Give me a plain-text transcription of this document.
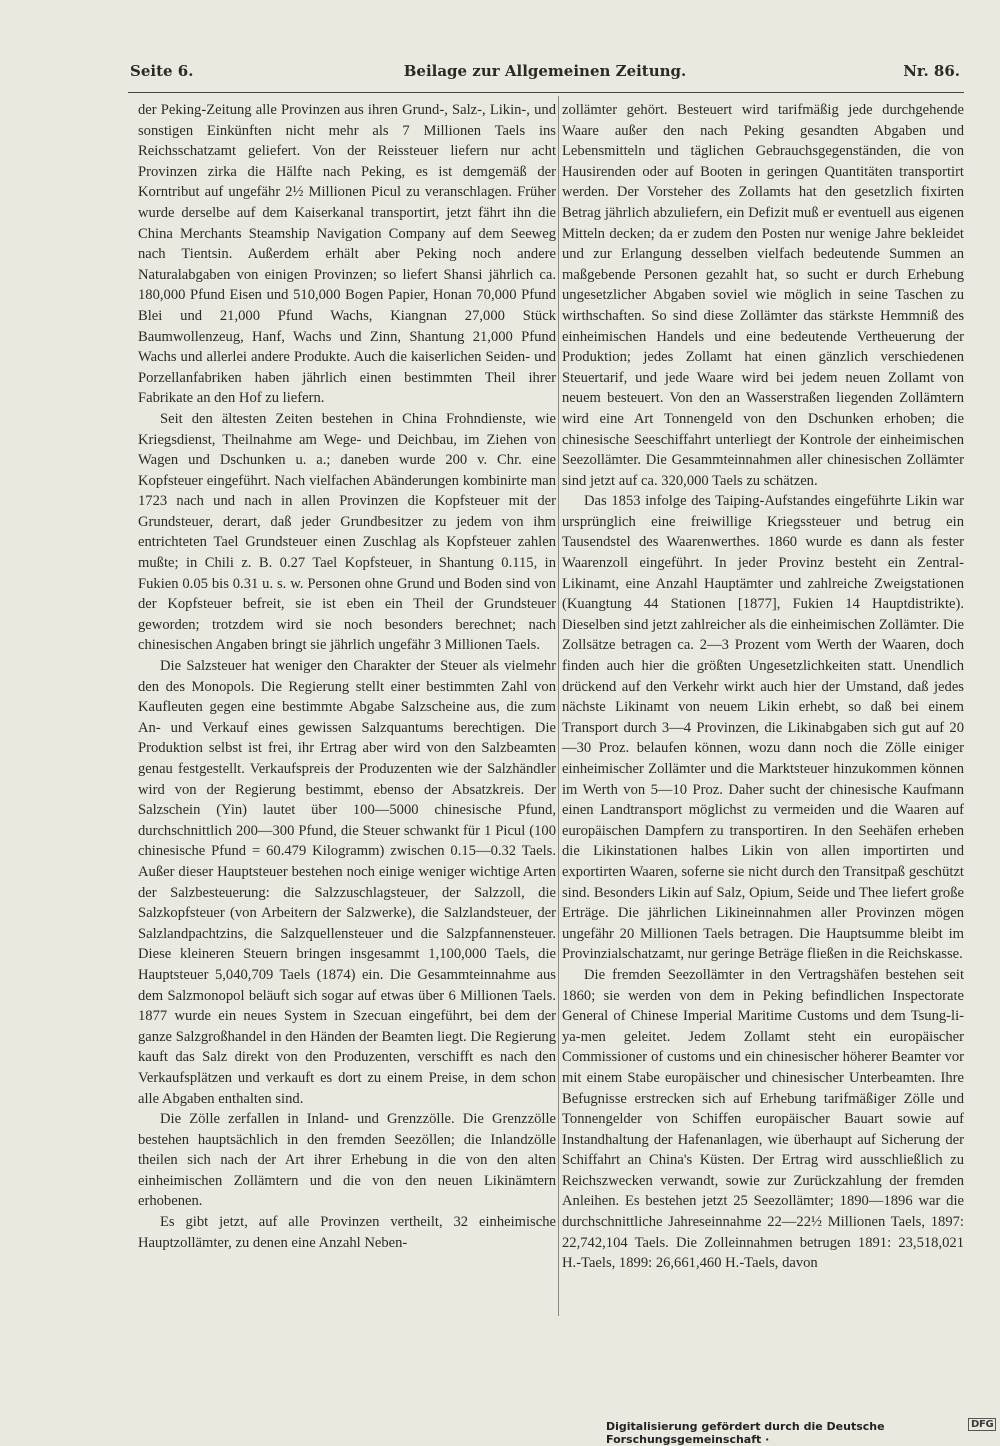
Seite 6.	Beilage zur Allgemeinen Zeitung.	Nr. 86.

der Peking-Zeitung alle Provinzen aus ihren Grund-, Salz-, Likin-, und sonstigen Einkünften nicht mehr als 7 Millionen Taels ins Reichsschatzamt geliefert. Von der Reissteuer liefern nur acht Provinzen zirka die Hälfte nach Peking, es ist demgemäß der Korntribut auf ungefähr 2½ Millionen Picul zu veranschlagen. Früher wurde derselbe auf dem Kaiserkanal transportirt, jetzt fährt ihn die China Merchants Steamship Navigation Company auf dem Seeweg nach Tientsin. Außerdem erhält aber Peking noch andere Naturalabgaben von einigen Provinzen; so liefert Shansi jährlich ca. 180,000 Pfund Eisen und 510,000 Bogen Papier, Honan 70,000 Pfund Blei und 21,000 Pfund Wachs, Kiangnan 27,000 Stück Baumwollenzeug, Hanf, Wachs und Zinn, Shantung 21,000 Pfund Wachs und allerlei andere Produkte. Auch die kaiserlichen Seiden- und Porzellanfabriken haben jährlich einen bestimmten Theil ihrer Fabrikate an den Hof zu liefern.

Seit den ältesten Zeiten bestehen in China Frohndienste, wie Kriegsdienst, Theilnahme am Wege- und Deichbau, im Ziehen von Wagen und Dschunken u. a.; daneben wurde 200 v. Chr. eine Kopfsteuer eingeführt. Nach vielfachen Abänderungen kombinirte man 1723 nach und nach in allen Provinzen die Kopfsteuer mit der Grundsteuer, derart, daß jeder Grundbesitzer zu jedem von ihm entrichteten Tael Grundsteuer einen Zuschlag als Kopfsteuer zahlen mußte; in Chili z. B. 0.27 Tael Kopfsteuer, in Shantung 0.115, in Fukien 0.05 bis 0.31 u. s. w. Personen ohne Grund und Boden sind von der Kopfsteuer befreit, sie ist eben ein Theil der Grundsteuer geworden; trotzdem wird sie noch besonders berechnet; nach chinesischen Angaben bringt sie jährlich ungefähr 3 Millionen Taels.

Die Salzsteuer hat weniger den Charakter der Steuer als vielmehr den des Monopols. Die Regierung stellt einer bestimmten Zahl von Kaufleuten gegen eine bestimmte Abgabe Salzscheine aus, die zum An- und Verkauf eines gewissen Salzquantums berechtigen. Die Produktion selbst ist frei, ihr Ertrag aber wird von den Salzbeamten genau festgestellt. Verkaufspreis der Produzenten wie der Salzhändler wird von der Regierung bestimmt, ebenso der Absatzkreis. Der Salzschein (Yin) lautet über 100—5000 chinesische Pfund, durchschnittlich 200—300 Pfund, die Steuer schwankt für 1 Picul (100 chinesische Pfund = 60.479 Kilogramm) zwischen 0.15—0.32 Taels. Außer dieser Hauptsteuer bestehen noch einige weniger wichtige Arten der Salzbesteuerung: die Salzzuschlagsteuer, der Salzzoll, die Salzkopfsteuer (von Arbeitern der Salzwerke), die Salzlandsteuer, der Salzlandpachtzins, die Salzquellensteuer und die Salzpfannensteuer. Diese kleineren Steuern bringen insgesammt 1,100,000 Taels, die Hauptsteuer 5,040,709 Taels (1874) ein. Die Gesammteinnahme aus dem Salzmonopol beläuft sich sogar auf etwas über 6 Millionen Taels. 1877 wurde ein neues System in Szecuan eingeführt, bei dem der ganze Salzgroßhandel in den Händen der Beamten liegt. Die Regierung kauft das Salz direkt von den Produzenten, verschifft es nach den Verkaufsplätzen und verkauft es dort zu einem Preise, in dem schon alle Abgaben enthalten sind.

Die Zölle zerfallen in Inland- und Grenzzölle. Die Grenzzölle bestehen hauptsächlich in den fremden Seezöllen; die Inlandzölle theilen sich nach der Art ihrer Erhebung in die von den alten einheimischen Zollämtern und die von den neuen Likinämtern erhobenen.

Es gibt jetzt, auf alle Provinzen vertheilt, 32 einheimische Hauptzollämter, zu denen eine Anzahl Neben-

zollämter gehört. Besteuert wird tarifmäßig jede durchgehende Waare außer den nach Peking gesandten Abgaben und Lebensmitteln und täglichen Gebrauchsgegenständen, die von Hausirenden oder auf Booten in geringen Quantitäten transportirt werden. Der Vorsteher des Zollamts hat den gesetzlich fixirten Betrag jährlich abzuliefern, ein Defizit muß er eventuell aus eigenen Mitteln decken; da er zudem den Posten nur wenige Jahre bekleidet und zur Erlangung desselben vielfach bedeutende Summen an maßgebende Personen gezahlt hat, so sucht er durch Erhebung ungesetzlicher Abgaben soviel wie möglich in seine Taschen zu wirthschaften. So sind diese Zollämter das stärkste Hemmniß des einheimischen Handels und eine bedeutende Vertheuerung der Produktion; jedes Zollamt hat einen gänzlich verschiedenen Steuertarif, und jede Waare wird bei jedem neuen Zollamt von neuem besteuert. Von den an Wasserstraßen liegenden Zollämtern wird eine Art Tonnengeld von den Dschunken erhoben; die chinesische Seeschiffahrt unterliegt der Kontrole der einheimischen Seezollämter. Die Gesammteinnahmen aller chinesischen Zollämter sind jetzt auf ca. 320,000 Taels zu schätzen.

Das 1853 infolge des Taiping-Aufstandes eingeführte Likin war ursprünglich eine freiwillige Kriegssteuer und betrug ein Tausendstel des Waarenwerthes. 1860 wurde es dann als fester Waarenzoll eingeführt. In jeder Provinz besteht ein Zentral-Likinamt, eine Anzahl Hauptämter und zahlreiche Zweigstationen (Kuangtung 44 Stationen [1877], Fukien 14 Hauptdistrikte). Dieselben sind jetzt zahlreicher als die einheimischen Zollämter. Die Zollsätze betragen ca. 2—3 Prozent vom Werth der Waaren, doch finden auch hier die größten Ungesetzlichkeiten statt. Unendlich drückend auf den Verkehr wirkt auch hier der Umstand, daß jedes nächste Likinamt von neuem Likin erhebt, so daß bei einem Transport durch 3—4 Provinzen, die Likinabgaben sich gut auf 20—30 Proz. belaufen können, wozu dann noch die Zölle einiger einheimischer Zollämter und die Marktsteuer hinzukommen können im Werth von 5—10 Proz. Daher sucht der chinesische Kaufmann einen Landtransport möglichst zu vermeiden und die Waaren auf europäischen Dampfern zu transportiren. In den Seehäfen erheben die Likinstationen halbes Likin von allen importirten und exportirten Waaren, soferne sie nicht durch den Transitpaß geschützt sind. Besonders Likin auf Salz, Opium, Seide und Thee liefert große Erträge. Die jährlichen Likineinnahmen aller Provinzen mögen ungefähr 20 Millionen Taels betragen. Die Hauptsumme bleibt im Provinzialschatzamt, nur geringe Beträge fließen in die Reichskasse.

Die fremden Seezollämter in den Vertragshäfen bestehen seit 1860; sie werden von dem in Peking befindlichen Inspectorate General of Chinese Imperial Maritime Customs und dem Tsung-li-ya-men geleitet. Jedem Zollamt steht ein europäischer Commissioner of customs und ein chinesischer höherer Beamter vor mit einem Stabe europäischer und chinesischer Unterbeamten. Ihre Befugnisse erstrecken sich auf Erhebung tarifmäßiger Zölle und Tonnengelder von Schiffen europäischer Bauart sowie auf Instandhaltung der Hafenanlagen, wie überhaupt auf Sicherung der Schiffahrt an China's Küsten. Der Ertrag wird ausschließlich zu Reichszwecken verwandt, sowie zur Zurückzahlung der fremden Anleihen. Es bestehen jetzt 25 Seezollämter; 1890—1896 war die durchschnittliche Jahreseinnahme 22—22½ Millionen Taels, 1897: 22,742,104 Taels. Die Zolleinnahmen betrugen 1891: 23,518,021 H.-Taels, 1899: 26,661,460 H.-Taels, davon

Digitalisierung gefördert durch die Deutsche Forschungsgemeinschaft ·
DFG
